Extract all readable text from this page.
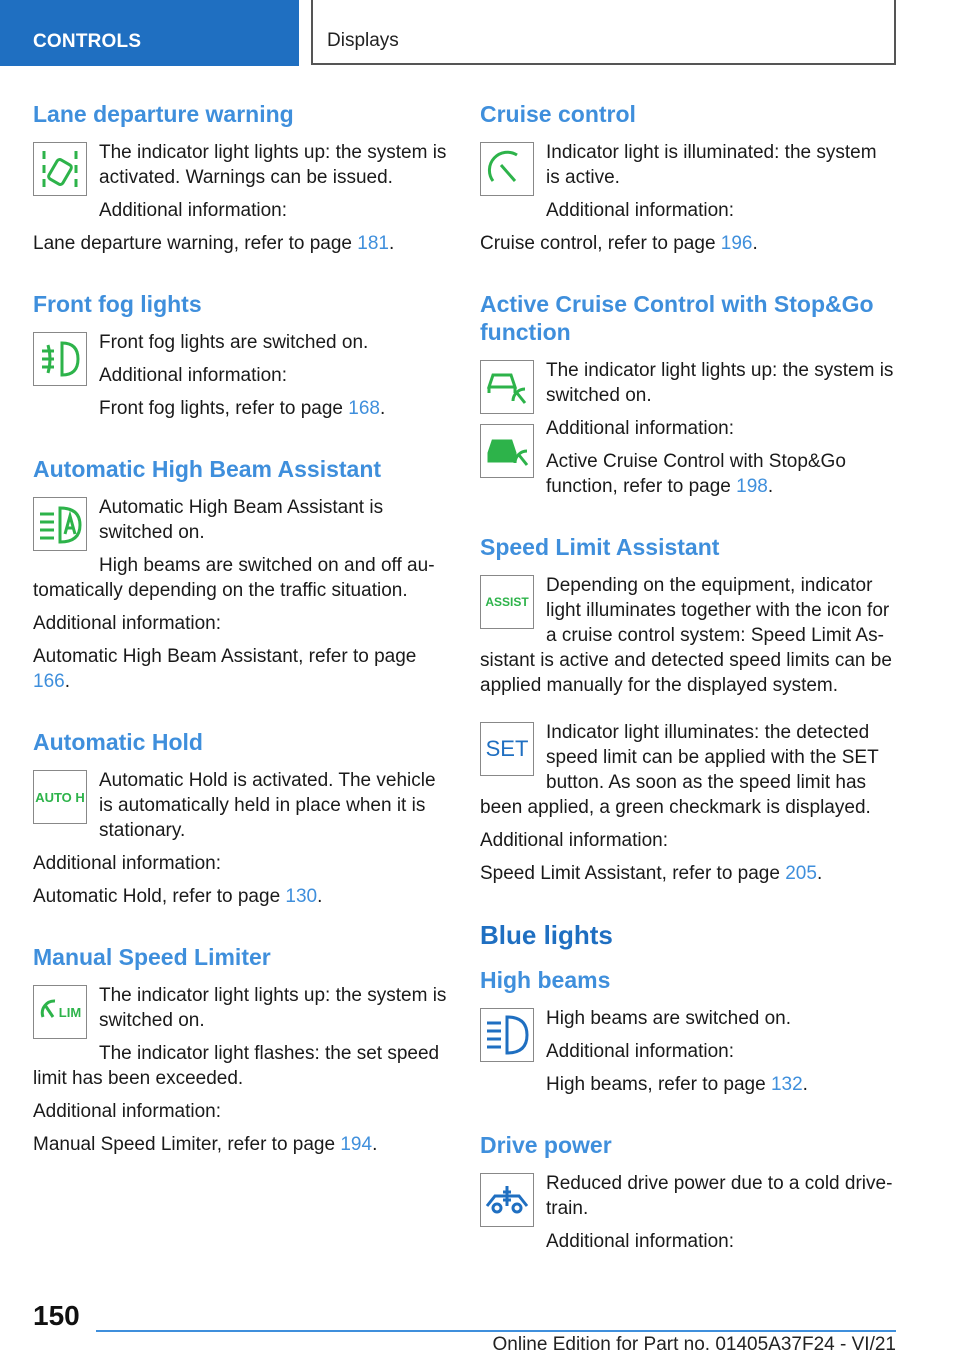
CONTROLS	Displays
Lane departure warning

The indicator light lights up: the system is activated. Warnings can be issued.

Additional information:

Lane departure warning, refer to page 181.

Front fog lights

Front fog lights are switched on.

Additional information:

Front fog lights, refer to page 168.

Automatic High Beam Assistant

Automatic High Beam Assistant is switched on.

High beams are switched on and off au-

tomatically depending on the traffic situation.

Additional information:

Automatic High Beam Assistant, refer to page 166.

Automatic Hold
AUTO H

Automatic Hold is activated. The vehicle is automatically held in place when it is stationary.

Additional information:

Automatic Hold, refer to page 130.

Manual Speed Limiter
LIM

The indicator light lights up: the system is switched on.

The indicator light flashes: the set speed

limit has been exceeded.

Additional information:

Manual Speed Limiter, refer to page 194.

Cruise control

Indicator light is illuminated: the system is active.

Additional information:

Cruise control, refer to page 196.

Active Cruise Control with Stop&Go function

The indicator light lights up: the system is switched on.

Additional information:

Active Cruise Control with Stop&Go function, refer to page 198.

Speed Limit Assistant
ASSIST

Depending on the equipment, indicator light illuminates together with the icon for a cruise control system: Speed Limit As-

sistant is active and detected speed limits can be applied manually for the displayed system.

SET

Indicator light illuminates: the detected speed limit can be applied with the SET button. As soon as the speed limit has

been applied, a green checkmark is displayed.

Additional information:

Speed Limit Assistant, refer to page 205.

Blue lights
High beams

High beams are switched on.

Additional information:

High beams, refer to page 132.

Drive power

Reduced drive power due to a cold drivetrain.

Additional information:

150
Online Edition for Part no. 01405A37F24 - VI/21
